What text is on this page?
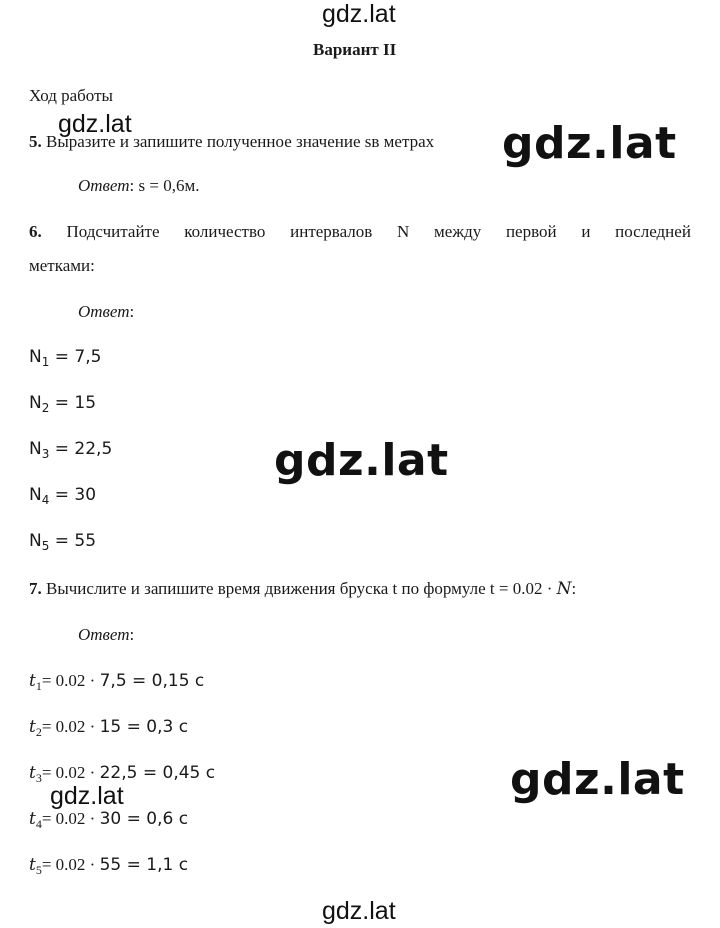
gdz.lat
gdz.lat	gdz.lat
gdz.lat
gdz.lat
gdz.lat
gdz.lat
Вариант II
Ход работы
5. Выразите и запишите полученное значение sв метрах
Ответ: s = 0,6м.
6. Подсчитайте количество интервалов N между первой и последней
метками:
Ответ:
$N_1 = 7,5$
$N_2 = 15$
$N_3 = 22,5$
$N_4 = 30$
$N_5 = 55$
7. Вычислите и запишите время движения бруска t по формуле t = 0.02 · N:
Ответ:
$t_1= 0.02 \cdot 7,5 = 0,15$ с
$t_2= 0.02 \cdot 15 = 0,3$ с
$t_3= 0.02 \cdot 22,5 = 0,45$ с
$t_4= 0.02 \cdot 30 = 0,6$ с
$t_5= 0.02 \cdot 55 = 1,1$ с
